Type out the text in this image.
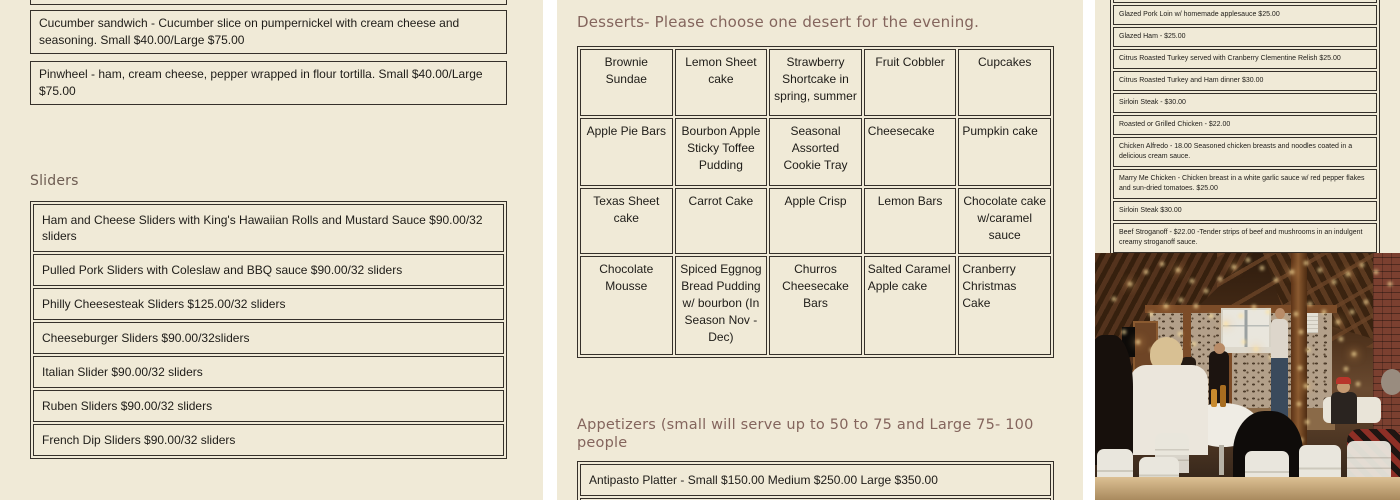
Cucumber sandwich - Cucumber slice on pumpernickel with cream cheese and seasoning. Small $40.00/Large $75.00
Pinwheel - ham, cream cheese, pepper wrapped in flour tortilla. Small $40.00/Large $75.00
Sliders
Ham and Cheese Sliders with King's Hawaiian Rolls and Mustard Sauce $90.00/32 sliders
Pulled Pork Sliders with Coleslaw and BBQ sauce $90.00/32 sliders
Philly Cheesesteak Sliders $125.00/32 sliders
Cheeseburger Sliders $90.00/32sliders
Italian Slider $90.00/32 sliders
Ruben Sliders $90.00/32 sliders
French Dip Sliders $90.00/32 sliders
Desserts- Please choose one desert for the evening.
Brownie Sundae	Lemon Sheet cake	Strawberry Shortcake in spring, summer	Fruit Cobbler	Cupcakes
Apple Pie Bars	Bourbon Apple Sticky Toffee Pudding	Seasonal Assorted Cookie Tray	Cheesecake	Pumpkin cake
Texas Sheet cake	Carrot Cake	Apple Crisp	Lemon Bars	Chocolate cake w/caramel sauce
Chocolate Mousse	Spiced Eggnog Bread Pudding w/ bourbon (In Season Nov - Dec)	Churros Cheesecake Bars	Salted Caramel Apple cake	Cranberry Christmas Cake
Appetizers (small will serve up to 50 to 75 and Large 75- 100 people
Antipasto Platter - Small $150.00 Medium $250.00 Large $350.00
Glazed Pork Loin w/ homemade applesauce $25.00
Glazed Ham - $25.00
Citrus Roasted Turkey served with Cranberry Clementine Relish $25.00
Citrus Roasted Turkey and Ham dinner $30.00
Sirloin Steak - $30.00
Roasted or Grilled Chicken - $22.00
Chicken Alfredo - 18.00 Seasoned chicken breasts and noodles coated in a delicious cream sauce.
Marry Me Chicken - Chicken breast in a white garlic sauce w/ red pepper flakes and sun-dried tomatoes. $25.00
Sirloin Steak $30.00
Beef Stroganoff - $22.00 -Tender strips of beef and mushrooms in an indulgent creamy stroganoff sauce.
